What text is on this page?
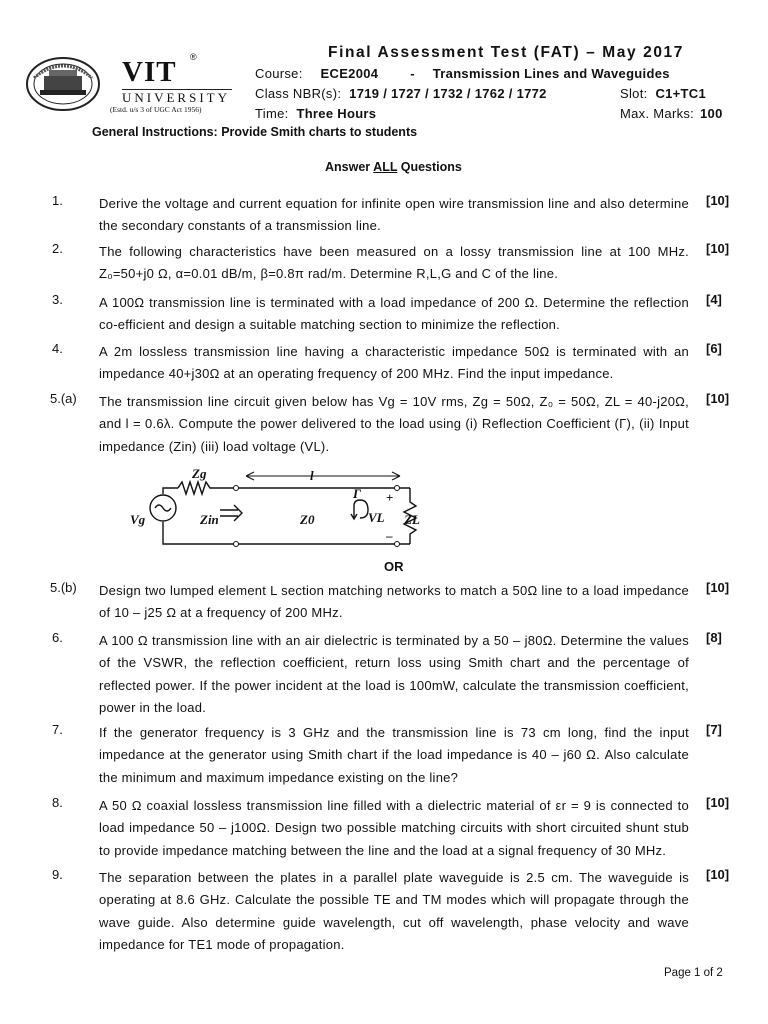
Final Assessment Test (FAT) – May 2017
VIT ®
UNIVERSITY
(Estd. u/s 3 of UGC Act 1956)
Course: ECE2004 - Transmission Lines and Waveguides
Class NBR(s): 1719 / 1727 / 1732 / 1762 / 1772	Slot: C1+TC1
Time: Three Hours	Max. Marks: 100
General Instructions: Provide Smith charts to students
Answer ALL Questions
1.	Derive the voltage and current equation for infinite open wire transmission line and also determine the secondary constants of a transmission line.
[10]
2.	The following characteristics have been measured on a lossy transmission line at 100 MHz. Z₀=50+j0 Ω, α=0.01 dB/m, β=0.8π rad/m. Determine R,L,G and C of the line.
[10]
3.	A 100Ω transmission line is terminated with a load impedance of 200 Ω. Determine the reflection co-efficient and design a suitable matching section to minimize the reflection.
[4]
4.	A 2m lossless transmission line having a characteristic impedance 50Ω is terminated with an impedance 40+j30Ω at an operating frequency of 200 MHz. Find the input impedance.
[6]
5.(a) The transmission line circuit given below has Vg = 10V rms, Zg = 50Ω, Z₀ = 50Ω, ZL = 40-j20Ω, and l = 0.6λ. Compute the power delivered to the load using (i) Reflection Coefficient (Γ), (ii) Input impedance (Zin) (iii) load voltage (VL).
[10]
Zg	l
Vg	Zin	Z0	VL ZL
Γ +
–
OR
5.(b) Design two lumped element L section matching networks to match a 50Ω line to a load impedance of 10 – j25 Ω at a frequency of 200 MHz.
[10]
6.	A 100 Ω transmission line with an air dielectric is terminated by a 50 – j80Ω. Determine the values of the VSWR, the reflection coefficient, return loss using Smith chart and the percentage of reflected power. If the power incident at the load is 100mW, calculate the transmission coefficient, power in the load.
[8]
7.	If the generator frequency is 3 GHz and the transmission line is 73 cm long, find the input impedance at the generator using Smith chart if the load impedance is 40 – j60 Ω. Also calculate the minimum and maximum impedance existing on the line?
[7]
8.	A 50 Ω coaxial lossless transmission line filled with a dielectric material of εr = 9 is connected to load impedance 50 – j100Ω. Design two possible matching circuits with short circuited shunt stub to provide impedance matching between the line and the load at a signal frequency of 30 MHz.
[10]
9.	The separation between the plates in a parallel plate waveguide is 2.5 cm. The waveguide is operating at 8.6 GHz. Calculate the possible TE and TM modes which will propagate through the wave guide. Also determine guide wavelength, cut off wavelength, phase velocity and wave impedance for TE1 mode of propagation.
[10]
Page 1 of 2
